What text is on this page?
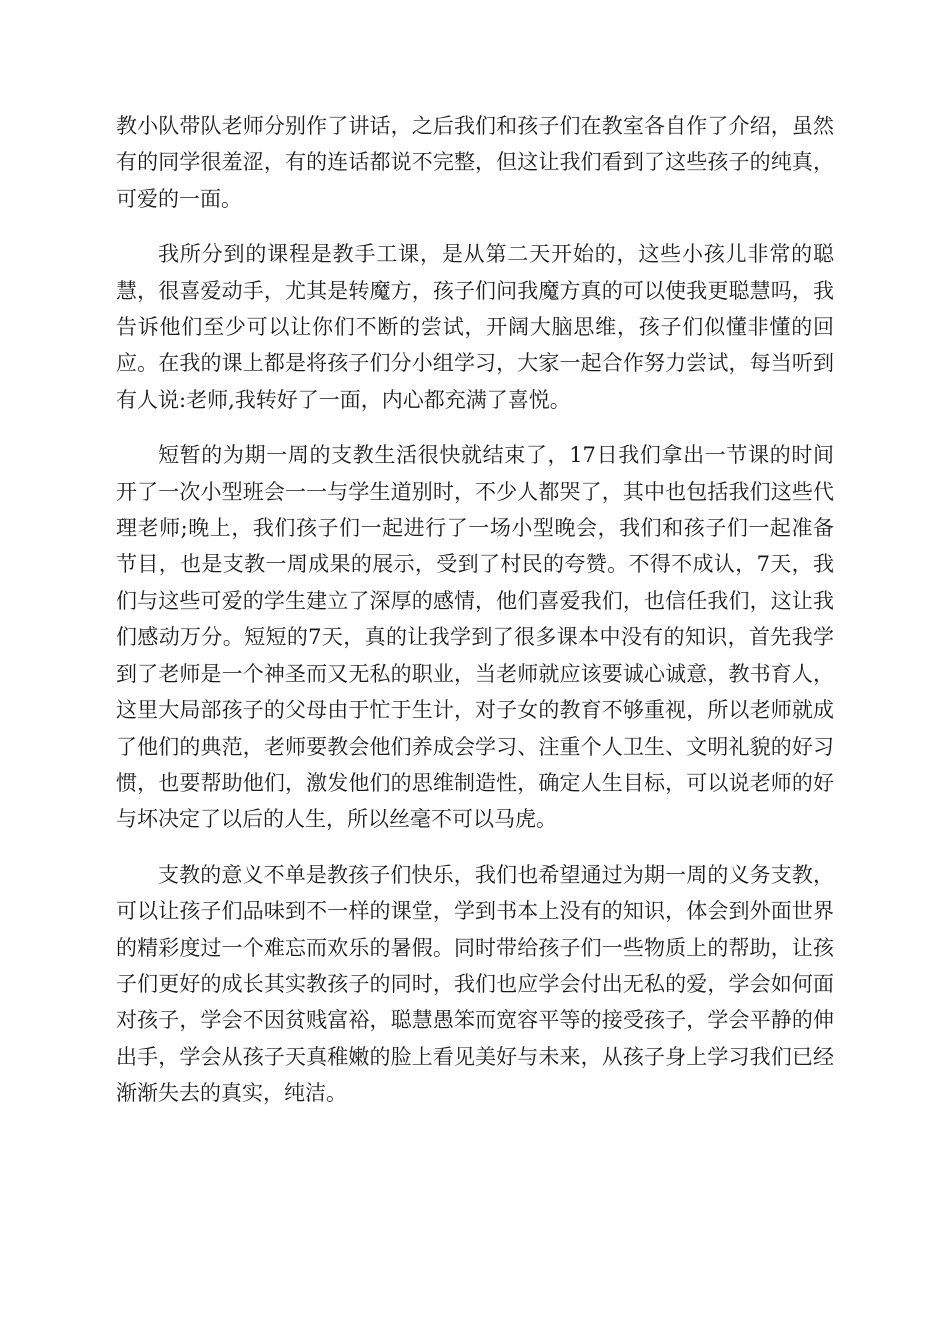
教小队带队老师分别作了讲话，之后我们和孩子们在教室各自作了介绍，虽然有的同学很羞涩，有的连话都说不完整，但这让我们看到了这些孩子的纯真，可爱的一面。

我所分到的课程是教手工课，是从第二天开始的，这些小孩儿非常的聪慧，很喜爱动手，尤其是转魔方，孩子们问我魔方真的可以使我更聪慧吗，我告诉他们至少可以让你们不断的尝试，开阔大脑思维，孩子们似懂非懂的回应。在我的课上都是将孩子们分小组学习，大家一起合作努力尝试，每当听到有人说:老师,我转好了一面，内心都充满了喜悦。

短暂的为期一周的支教生活很快就结束了，17日我们拿出一节课的时间开了一次小型班会一一与学生道别时，不少人都哭了，其中也包括我们这些代理老师;晚上，我们孩子们一起进行了一场小型晚会，我们和孩子们一起准备节目，也是支教一周成果的展示，受到了村民的夸赞。不得不成认，7天，我们与这些可爱的学生建立了深厚的感情，他们喜爱我们，也信任我们，这让我们感动万分。短短的7天，真的让我学到了很多课本中没有的知识，首先我学到了老师是一个神圣而又无私的职业，当老师就应该要诚心诚意，教书育人，这里大局部孩子的父母由于忙于生计，对子女的教育不够重视，所以老师就成了他们的典范，老师要教会他们养成会学习、注重个人卫生、文明礼貌的好习惯，也要帮助他们，激发他们的思维制造性，确定人生目标，可以说老师的好与坏决定了以后的人生，所以丝毫不可以马虎。

支教的意义不单是教孩子们快乐，我们也希望通过为期一周的义务支教，可以让孩子们品味到不一样的课堂，学到书本上没有的知识，体会到外面世界的精彩度过一个难忘而欢乐的暑假。同时带给孩子们一些物质上的帮助，让孩子们更好的成长其实教孩子的同时，我们也应学会付出无私的爱，学会如何面对孩子，学会不因贫贱富裕，聪慧愚笨而宽容平等的接受孩子，学会平静的伸出手，学会从孩子天真稚嫩的脸上看见美好与未来，从孩子身上学习我们已经渐渐失去的真实，纯洁。
